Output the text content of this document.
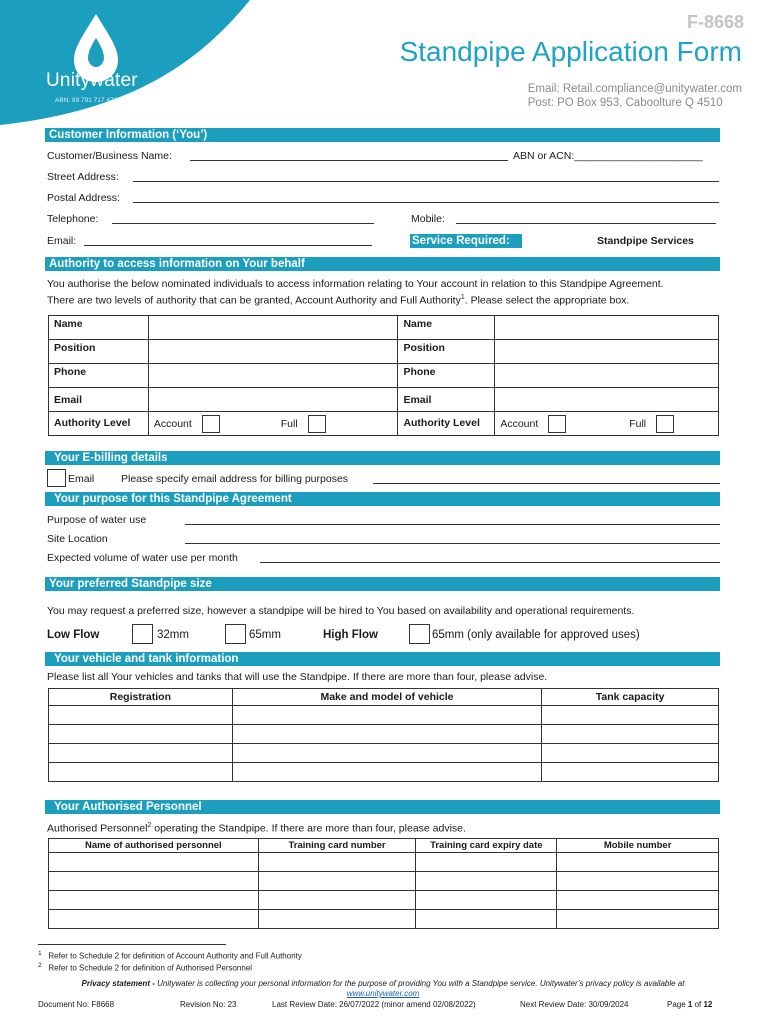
Unitywater
ABN: 89 791 717 472
F-8668
Standpipe Application Form
Email: Retail.compliance@unitywater.com
Post: PO Box 953, Caboolture Q 4510
Customer Information (‘You’)
Customer/Business Name:	ABN or ACN:______________________
Street Address:
Postal Address:
Telephone:	Mobile:
Email:	Service Required:	Standpipe Services
Authority to access information on Your behalf
You authorise the below nominated individuals to access information relating to Your account in relation to this Standpipe Agreement.
There are two levels of authority that can be granted, Account Authority and Full Authority$^1$. Please select the appropriate box.
Name		Name	
Position		Position	
Phone		Phone	
Email		Email	
Authority Level	Account Full	Authority Level	Account Full
Your E-billing details
Email	Please specify email address for billing purposes
Your purpose for this Standpipe Agreement
Purpose of water use
Site Location
Expected volume of water use per month
Your preferred Standpipe size
You may request a preferred size, however a standpipe will be hired to You based on availability and operational requirements.
Low Flow	32mm	65mm	High Flow	65mm (only available for approved uses)
Your vehicle and tank information
Please list all Your vehicles and tanks that will use the Standpipe. If there are more than four, please advise.
Registration	Make and model of vehicle	Tank capacity

Your Authorised Personnel
Authorised Personnel$^2$ operating the Standpipe. If there are more than four, please advise.
Name of authorised personnel	Training card number	Training card expiry date	Mobile number

$^1$ Refer to Schedule 2 for definition of Account Authority and Full Authority
$^2$ Refer to Schedule 2 for definition of Authorised Personnel
Privacy statement - Unitywater is collecting your personal information for the purpose of providing You with a Standpipe service. Unitywater’s privacy policy is available at
www.unitywater.com
Document No: F8668	Revision No: 23	Last Review Date: 26/07/2022 (minor amend 02/08/2022)	Next Review Date: 30/09/2024	Page 1 of 12
